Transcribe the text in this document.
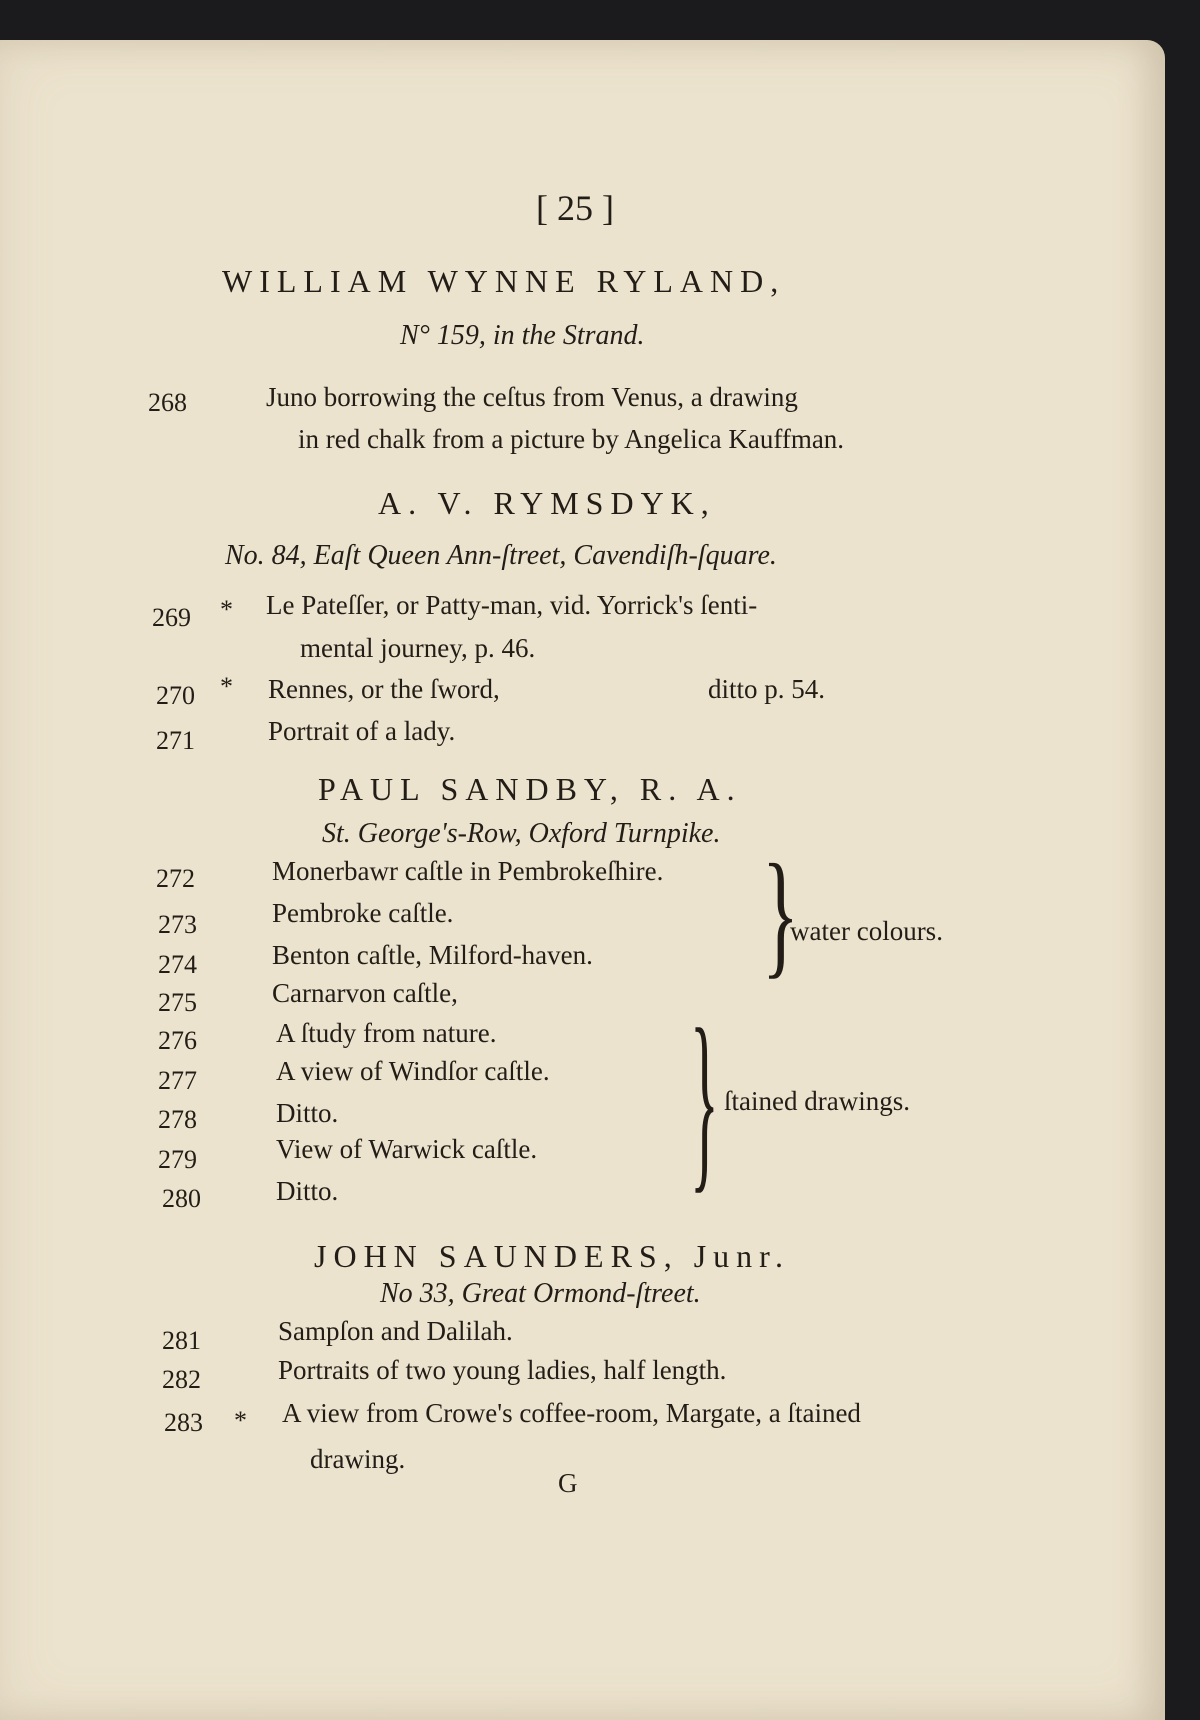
[ 25 ]
WILLIAM WYNNE RYLAND,
N° 159, in the Strand.
268	Juno borrowing the ceſtus from Venus, a drawing
in red chalk from a picture by Angelica Kauffman.
A. V. RYMSDYK,
No. 84, Eaſt Queen Ann-ſtreet, Cavendiſh-ſquare.
269 * Le Pateſſer, or Patty-man, vid. Yorrick's ſenti-
mental journey, p. 46.
270 * Rennes, or the ſword,	ditto p. 54.
271	Portrait of a lady.
PAUL SANDBY, R. A.
St. George's-Row, Oxford Turnpike.
272	Monerbawr caſtle in Pembrokeſhire.
273	Pembroke caſtle.
274	Benton caſtle, Milford-haven.
275	Carnarvon caſtle,
276	A ſtudy from nature.
277	A view of Windſor caſtle.
278	Ditto.
279	View of Warwick caſtle.
280	Ditto.
}
water colours.
} ſtained drawings.
JOHN SAUNDERS, Junr.
No 33, Great Ormond-ſtreet.
281	Sampſon and Dalilah.
282	Portraits of two young ladies, half length.
283 * A view from Crowe's coffee-room, Margate, a ſtained
drawing.
G
